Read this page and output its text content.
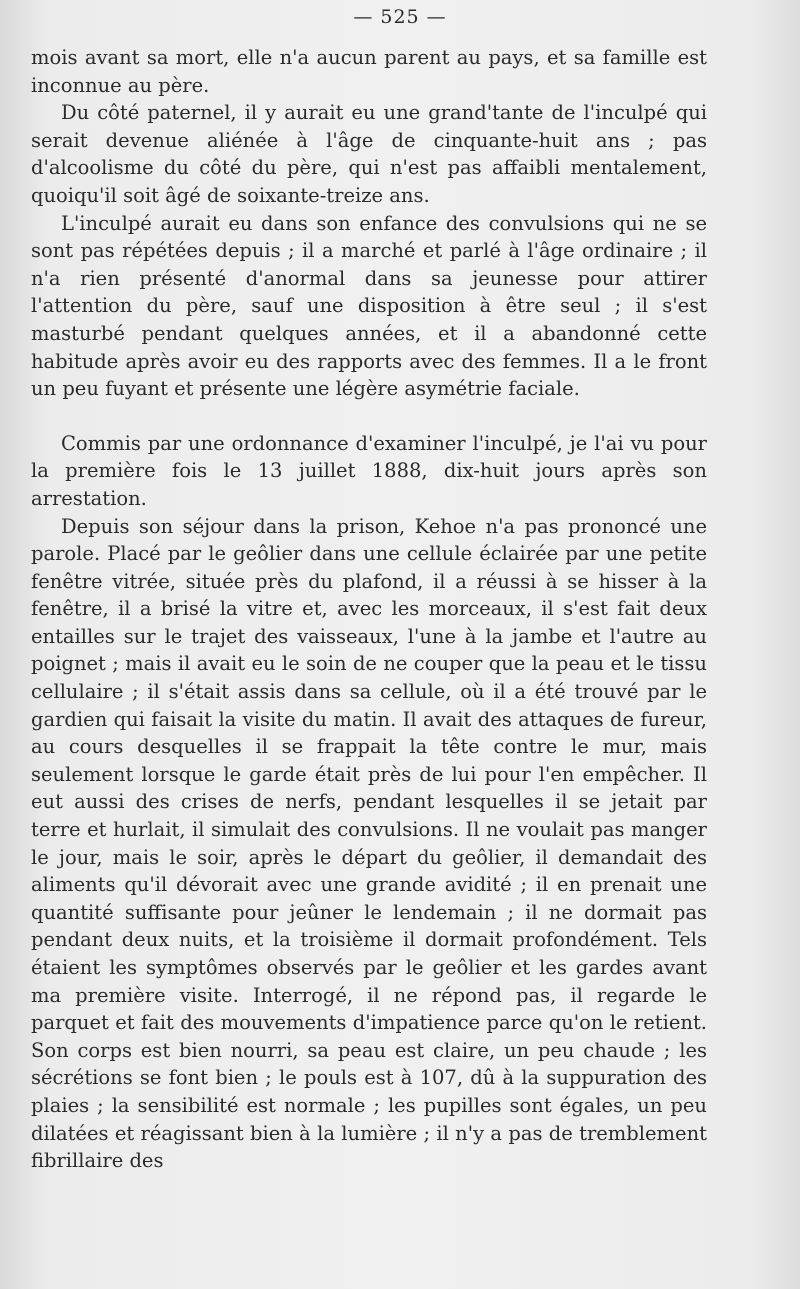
— 525 —

mois avant sa mort, elle n'a aucun parent au pays, et sa famille est inconnue au père.

Du côté paternel, il y aurait eu une grand'tante de l'inculpé qui serait devenue aliénée à l'âge de cinquante-huit ans ; pas d'alcoolisme du côté du père, qui n'est pas affaibli mentalement, quoiqu'il soit âgé de soixante-treize ans.

L'inculpé aurait eu dans son enfance des convulsions qui ne se sont pas répétées depuis ; il a marché et parlé à l'âge ordinaire ; il n'a rien présenté d'anormal dans sa jeunesse pour attirer l'attention du père, sauf une disposition à être seul ; il s'est masturbé pendant quelques années, et il a abandonné cette habitude après avoir eu des rapports avec des femmes. Il a le front un peu fuyant et présente une légère asymétrie faciale.

Commis par une ordonnance d'examiner l'inculpé, je l'ai vu pour la première fois le 13 juillet 1888, dix-huit jours après son arrestation.

Depuis son séjour dans la prison, Kehoe n'a pas prononcé une parole. Placé par le geôlier dans une cellule éclairée par une petite fenêtre vitrée, située près du plafond, il a réussi à se hisser à la fenêtre, il a brisé la vitre et, avec les morceaux, il s'est fait deux entailles sur le trajet des vaisseaux, l'une à la jambe et l'autre au poignet ; mais il avait eu le soin de ne couper que la peau et le tissu cellulaire ; il s'était assis dans sa cellule, où il a été trouvé par le gardien qui faisait la visite du matin. Il avait des attaques de fureur, au cours desquelles il se frappait la tête contre le mur, mais seulement lorsque le garde était près de lui pour l'en empêcher. Il eut aussi des crises de nerfs, pendant lesquelles il se jetait par terre et hurlait, il simulait des convulsions. Il ne voulait pas manger le jour, mais le soir, après le départ du geôlier, il demandait des aliments qu'il dévorait avec une grande avidité ; il en prenait une quantité suffisante pour jeûner le lendemain ; il ne dormait pas pendant deux nuits, et la troisième il dormait profondément. Tels étaient les symptômes observés par le geôlier et les gardes avant ma première visite. Interrogé, il ne répond pas, il regarde le parquet et fait des mouvements d'impatience parce qu'on le retient. Son corps est bien nourri, sa peau est claire, un peu chaude ; les sécrétions se font bien ; le pouls est à 107, dû à la suppuration des plaies ; la sensibilité est normale ; les pupilles sont égales, un peu dilatées et réagissant bien à la lumière ; il n'y a pas de tremblement fibrillaire des
